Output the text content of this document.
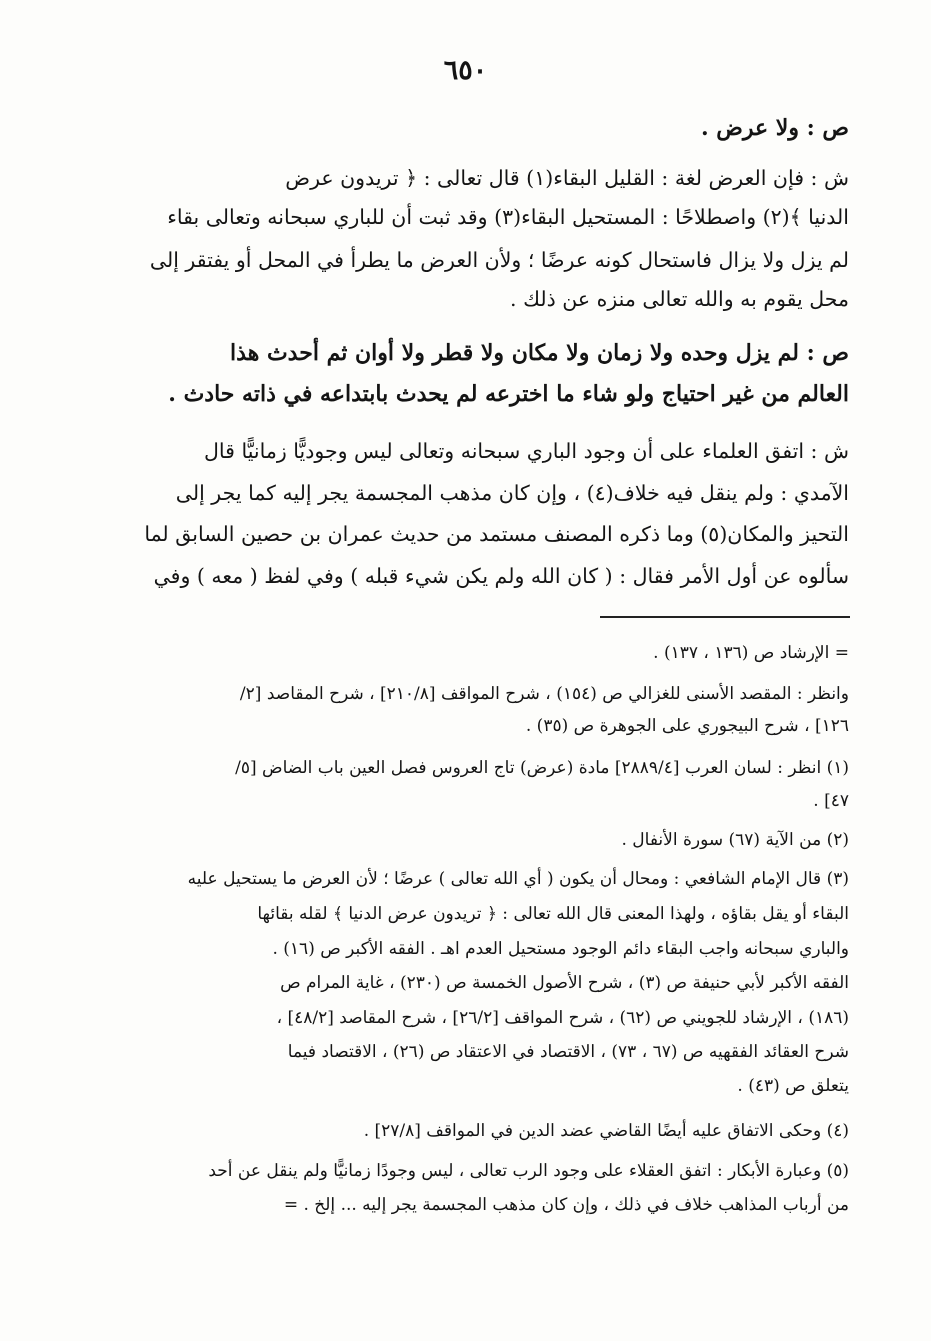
٦٥٠
ص : ولا عرض .
ش : فإن العرض لغة : القليل البقاء(١) قال تعالى : ﴿ تريدون عرض
الدنيا ﴾(٢) واصطلاحًا : المستحيل البقاء(٣) وقد ثبت أن للباري سبحانه وتعالى بقاء
لم يزل ولا يزال فاستحال كونه عرضًا ؛ ولأن العرض ما يطرأ في المحل أو يفتقر إلى
محل يقوم به والله تعالى منزه عن ذلك .
ص : لم يزل وحده ولا زمان ولا مكان ولا قطر ولا أوان ثم أحدث هذا
العالم من غير احتياج ولو شاء ما اخترعه لم يحدث بابتداعه في ذاته حادث .
ش : اتفق العلماء على أن وجود الباري سبحانه وتعالى ليس وجوديًّا زمانيًّا قال
الآمدي : ولم ينقل فيه خلاف(٤) ، وإن كان مذهب المجسمة يجر إليه كما يجر إلى
التحيز والمكان(٥) وما ذكره المصنف مستمد من حديث عمران بن حصين السابق لما
سألوه عن أول الأمر فقال : ( كان الله ولم يكن شيء قبله ) وفي لفظ ( معه ) وفي
= الإرشاد ص (١٣٦ ، ١٣٧) .
وانظر : المقصد الأسنى للغزالي ص (١٥٤) ، شرح المواقف [٢١٠/٨] ، شرح المقاصد [٢/
١٢٦] ، شرح البيجوري على الجوهرة ص (٣٥) .
(١) انظر : لسان العرب [٢٨٨٩/٤] مادة (عرض) تاج العروس فصل العين باب الضاض [٥/
٤٧] .
(٢) من الآية (٦٧) سورة الأنفال .
(٣) قال الإمام الشافعي : ومحال أن يكون ( أي الله تعالى ) عرضًا ؛ لأن العرض ما يستحيل عليه
البقاء أو يقل بقاؤه ، ولهذا المعنى قال الله تعالى : ﴿ تريدون عرض الدنيا ﴾ لقله بقائها
والباري سبحانه واجب البقاء دائم الوجود مستحيل العدم اهـ . الفقه الأكبر ص (١٦) .
الفقه الأكبر لأبي حنيفة ص (٣) ، شرح الأصول الخمسة ص (٢٣٠) ، غاية المرام ص
(١٨٦) ، الإرشاد للجويني ص (٦٢) ، شرح المواقف [٢٦/٢] ، شرح المقاصد [٤٨/٢] ،
شرح العقائد الفقهيه ص (٦٧ ، ٧٣) ، الاقتصاد في الاعتقاد ص (٢٦) ، الاقتصاد فيما
يتعلق ص (٤٣) .
(٤) وحكى الاتفاق عليه أيضًا القاضي عضد الدين في المواقف [٢٧/٨] .
(٥) وعبارة الأبكار : اتفق العقلاء على وجود الرب تعالى ، ليس وجودًا زمانيًّا ولم ينقل عن أحد
من أرباب المذاهب خلاف في ذلك ، وإن كان مذهب المجسمة يجر إليه ... إلخ . =
